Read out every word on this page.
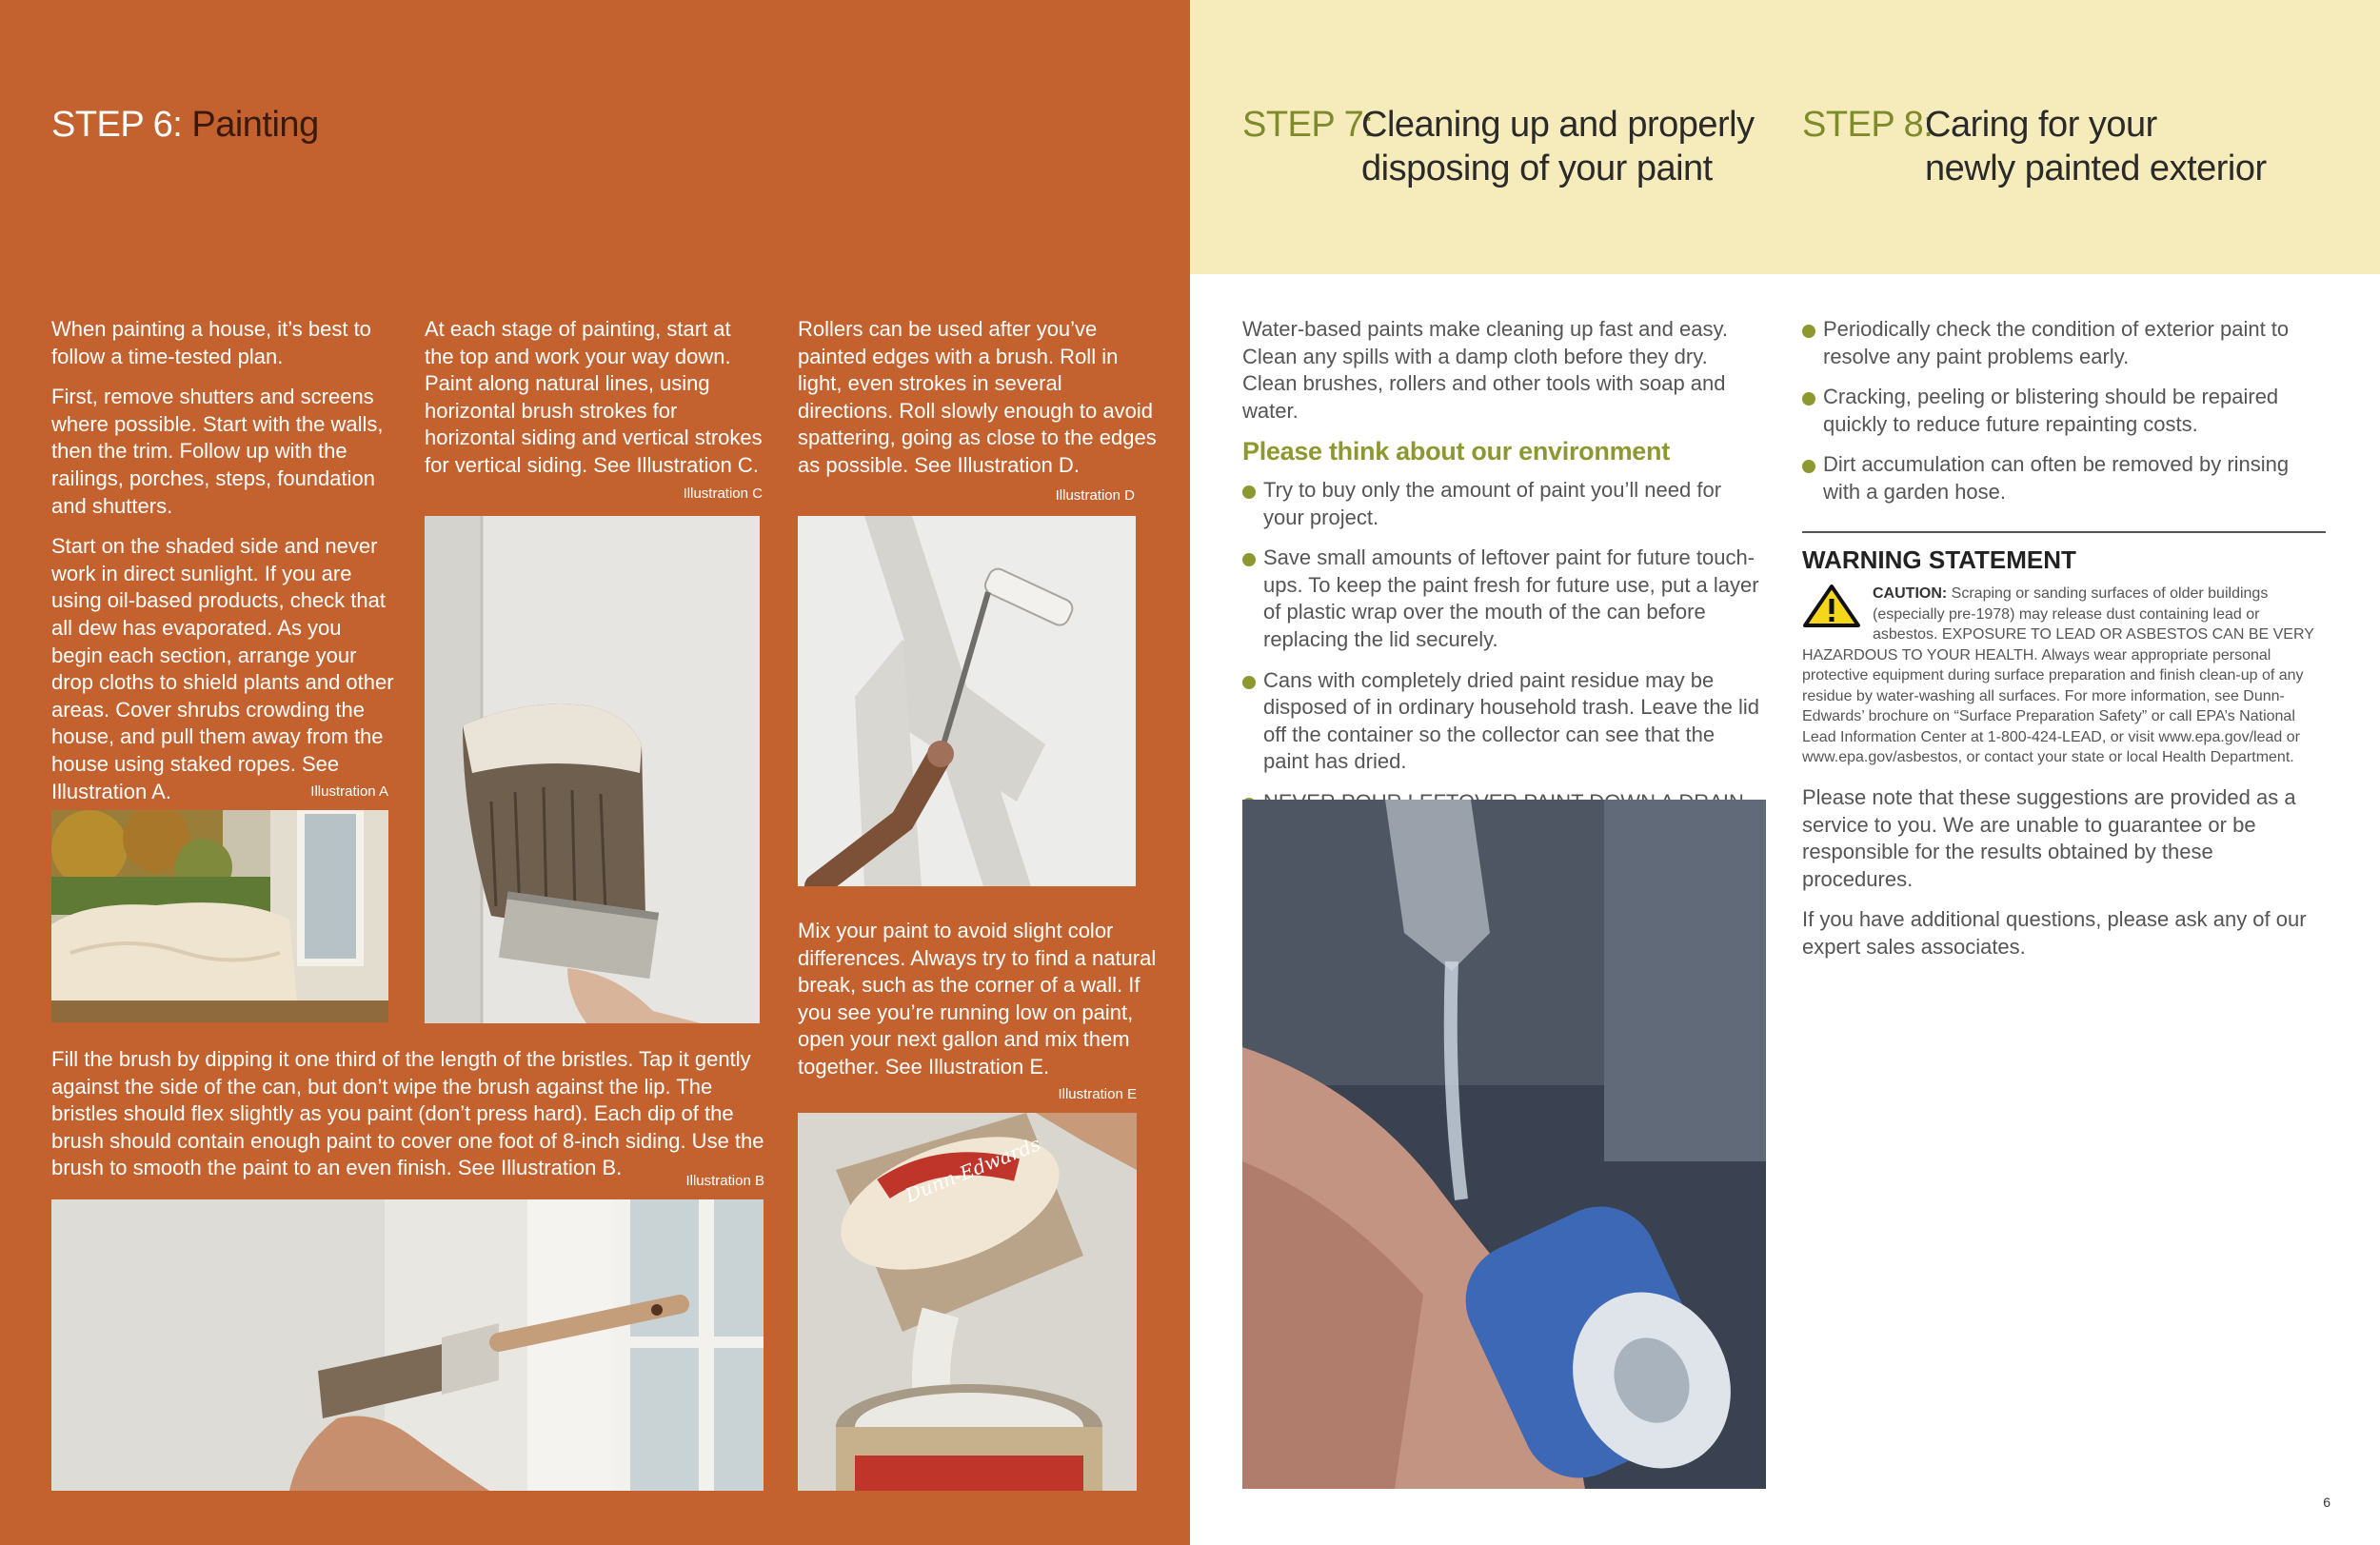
STEP 6: Painting	STEP 7:
Cleaning up and properly
disposing of your paint
STEP 8:
Caring for your
newly painted exterior

When painting a house, it’s best to follow a time-tested plan.

First, remove shutters and screens where possible. Start with the walls, then the trim. Follow up with the railings, porches, steps, foundation and shutters.

Start on the shaded side and never work in direct sunlight. If you are using oil-based products, check that all dew has evaporated. As you begin each section, arrange your drop cloths to shield plants and other areas. Cover shrubs crowding the house, and pull them away from the house using staked ropes. See Illustration A.	Illustration A

At each stage of painting, start at the top and work your way down. Paint along natural lines, using horizontal brush strokes for horizontal siding and vertical strokes for vertical siding. See Illustration C.

Illustration C

Rollers can be used after you’ve painted edges with a brush. Roll in light, even strokes in several directions. Roll slowly enough to avoid spattering, going as close to the edges as possible. See Illustration D.

Illustration D

Mix your paint to avoid slight color differences. Always try to find a natural break, such as the corner of a wall. If you see you’re running low on paint, open your next gallon and mix them together. See Illustration E.

Illustration E
Dunn-Edwards

Fill the brush by dipping it one third of the length of the bristles. Tap it gently against the side of the can, but don’t wipe the brush against the lip. The bristles should flex slightly as you paint (don’t press hard). Each dip of the brush should contain enough paint to cover one foot of 8-inch siding. Use the brush to smooth the paint to an even finish. See Illustration B.

Illustration B

Water-based paints make cleaning up fast and easy. Clean any spills with a damp cloth before they dry. Clean brushes, rollers and other tools with soap and water.

Please think about our environment
Try to buy only the amount of paint you’ll need for your project.
Save small amounts of leftover paint for future touch-ups. To keep the paint fresh for future use, put a layer of plastic wrap over the mouth of the can before replacing the lid securely.
Cans with completely dried paint residue may be disposed of in ordinary household trash. Leave the lid off the container so the collector can see that the paint has dried.
Periodically check the condition of exterior paint to resolve any paint problems early.
Cracking, peeling or blistering should be repaired quickly to reduce future repainting costs.
Dirt accumulation can often be removed by rinsing with a garden hose.
WARNING STATEMENT
CAUTION: Scraping or sanding surfaces of older buildings (especially pre-1978) may release dust containing lead or asbestos. EXPOSURE TO LEAD OR ASBESTOS CAN BE VERY HAZARDOUS TO YOUR HEALTH. Always wear appropriate personal protective equipment during surface preparation and finish clean-up of any residue by water-washing all surfaces. For more information, see Dunn-Edwards’ brochure on “Surface Preparation Safety” or call EPA’s National Lead Information Center at 1-800-424-LEAD, or visit www.epa.gov/lead or www.epa.gov/asbestos, or contact your state or local Health Department.

Please note that these suggestions are provided as a service to you. We are unable to guarantee or be responsible for the results obtained by these procedures.

If you have additional questions, please ask any of our expert sales associates.

6
